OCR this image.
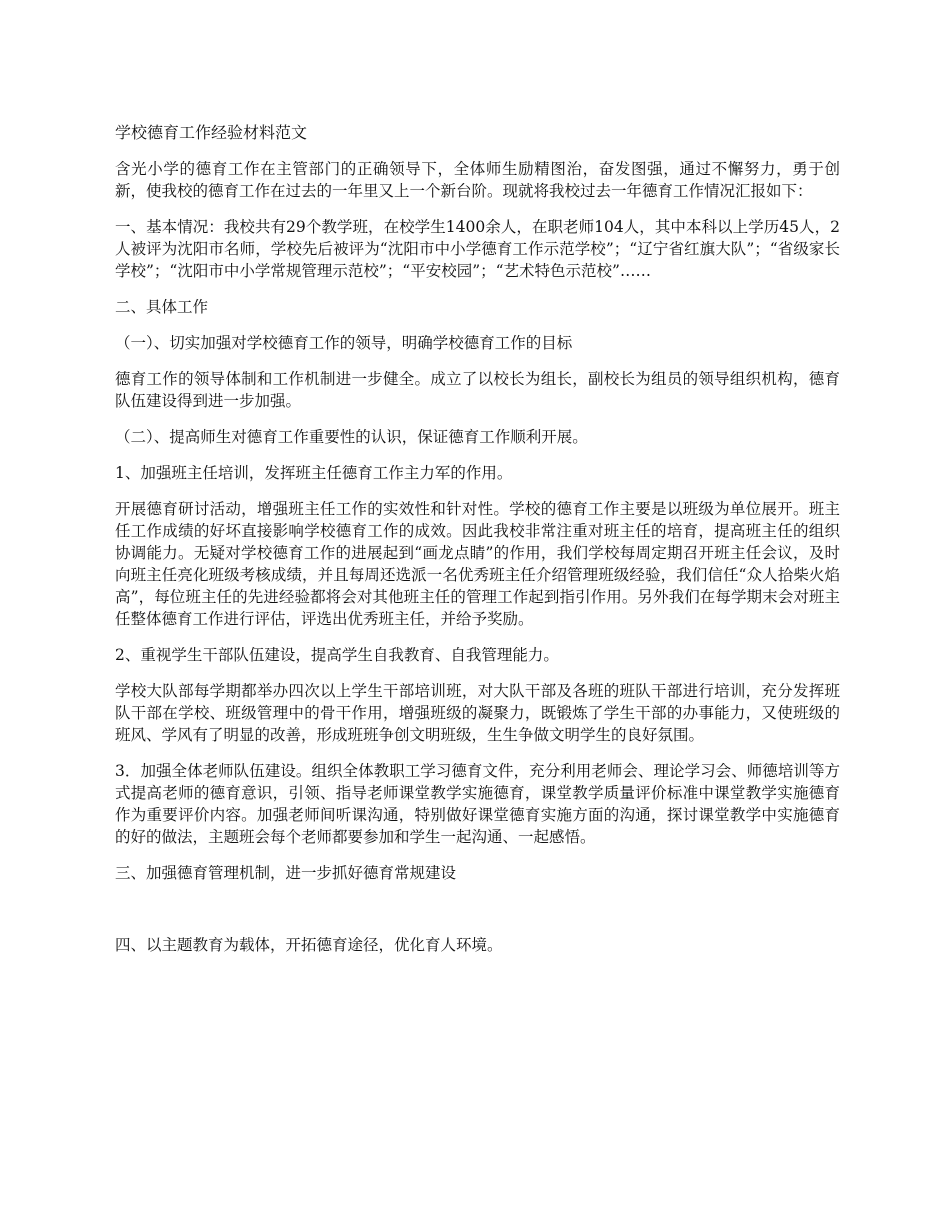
学校德育工作经验材料范文

含光小学的德育工作在主管部门的正确领导下，全体师生励精图治，奋发图强，通过不懈努力，勇于创新，使我校的德育工作在过去的一年里又上一个新台阶。现就将我校过去一年德育工作情况汇报如下：

一、基本情况：我校共有29个教学班，在校学生1400余人，在职老师104人，其中本科以上学历45人，2人被评为沈阳市名师，学校先后被评为“沈阳市中小学德育工作示范学校”；“辽宁省红旗大队”；“省级家长学校”；“沈阳市中小学常规管理示范校”；“平安校园”；“艺术特色示范校”……

二、具体工作

（一）、切实加强对学校德育工作的领导，明确学校德育工作的目标

德育工作的领导体制和工作机制进一步健全。成立了以校长为组长，副校长为组员的领导组织机构，德育队伍建设得到进一步加强。

（二）、提高师生对德育工作重要性的认识，保证德育工作顺利开展。

1、加强班主任培训，发挥班主任德育工作主力军的作用。

开展德育研讨活动，增强班主任工作的实效性和针对性。学校的德育工作主要是以班级为单位展开。班主任工作成绩的好坏直接影响学校德育工作的成效。因此我校非常注重对班主任的培育，提高班主任的组织协调能力。无疑对学校德育工作的进展起到“画龙点睛”的作用，我们学校每周定期召开班主任会议，及时向班主任亮化班级考核成绩，并且每周还选派一名优秀班主任介绍管理班级经验，我们信任“众人拾柴火焰高”，每位班主任的先进经验都将会对其他班主任的管理工作起到指引作用。另外我们在每学期末会对班主任整体德育工作进行评估，评选出优秀班主任，并给予奖励。

2、重视学生干部队伍建设，提高学生自我教育、自我管理能力。

学校大队部每学期都举办四次以上学生干部培训班，对大队干部及各班的班队干部进行培训，充分发挥班队干部在学校、班级管理中的骨干作用，增强班级的凝聚力，既锻炼了学生干部的办事能力，又使班级的班风、学风有了明显的改善，形成班班争创文明班级，生生争做文明学生的良好氛围。

3．加强全体老师队伍建设。组织全体教职工学习德育文件，充分利用老师会、理论学习会、师德培训等方式提高老师的德育意识，引领、指导老师课堂教学实施德育，课堂教学质量评价标准中课堂教学实施德育作为重要评价内容。加强老师间听课沟通，特别做好课堂德育实施方面的沟通，探讨课堂教学中实施德育的好的做法，主题班会每个老师都要参加和学生一起沟通、一起感悟。

三、加强德育管理机制，进一步抓好德育常规建设

四、以主题教育为载体，开拓德育途径，优化育人环境。
